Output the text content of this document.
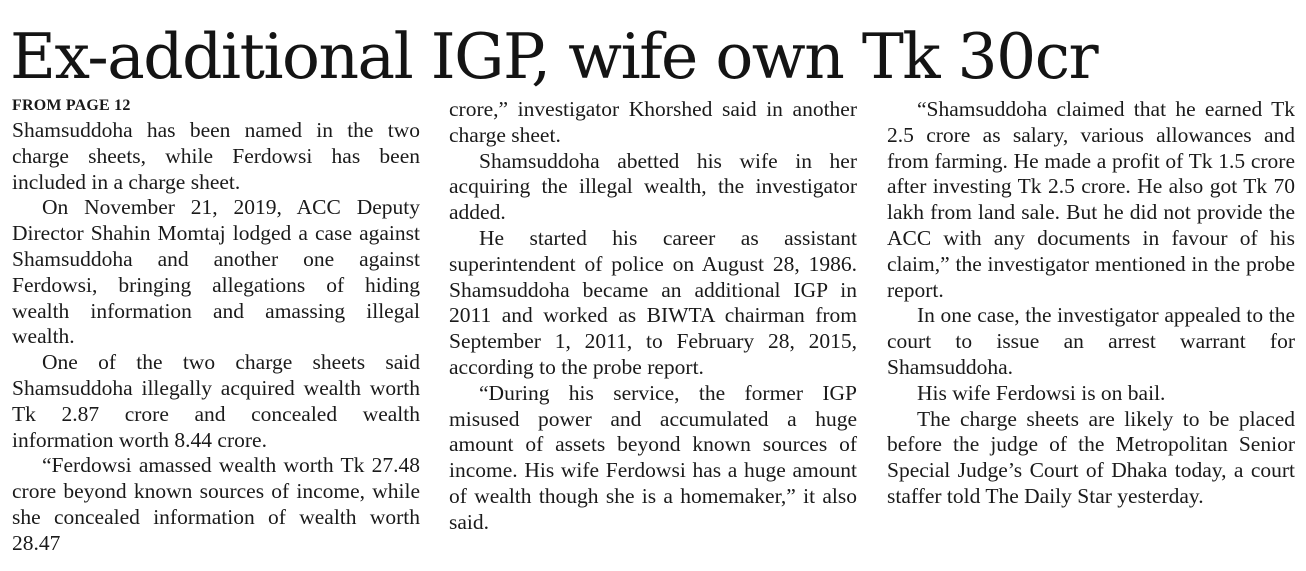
Ex-additional IGP, wife own Tk 30cr
FROM PAGE 12

Shamsuddoha has been named in the two charge sheets, while Ferdowsi has been included in a charge sheet.

On November 21, 2019, ACC Deputy Director Shahin Momtaj lodged a case against Shamsuddoha and another one against Ferdowsi, bringing allegations of hiding wealth information and amassing illegal wealth.

One of the two charge sheets said Shamsuddoha illegally acquired wealth worth Tk 2.87 crore and concealed wealth information worth 8.44 crore.

“Ferdowsi amassed wealth worth Tk 27.48 crore beyond known sources of income, while she concealed information of wealth worth 28.47

crore,” investigator Khorshed said in another charge sheet.

Shamsuddoha abetted his wife in her acquiring the illegal wealth, the investigator added.

He started his career as assistant superintendent of police on August 28, 1986. Shamsuddoha became an additional IGP in 2011 and worked as BIWTA chairman from September 1, 2011, to February 28, 2015, according to the probe report.

“During his service, the former IGP misused power and accumulated a huge amount of assets beyond known sources of income. His wife Ferdowsi has a huge amount of wealth though she is a homemaker,” it also said.

“Shamsuddoha claimed that he earned Tk 2.5 crore as salary, various allowances and from farming. He made a profit of Tk 1.5 crore after investing Tk 2.5 crore. He also got Tk 70 lakh from land sale. But he did not provide the ACC with any documents in favour of his claim,” the investigator mentioned in the probe report.

In one case, the investigator appealed to the court to issue an arrest warrant for Shamsuddoha.

His wife Ferdowsi is on bail.

The charge sheets are likely to be placed before the judge of the Metropolitan Senior Special Judge’s Court of Dhaka today, a court staffer told The Daily Star yesterday.
